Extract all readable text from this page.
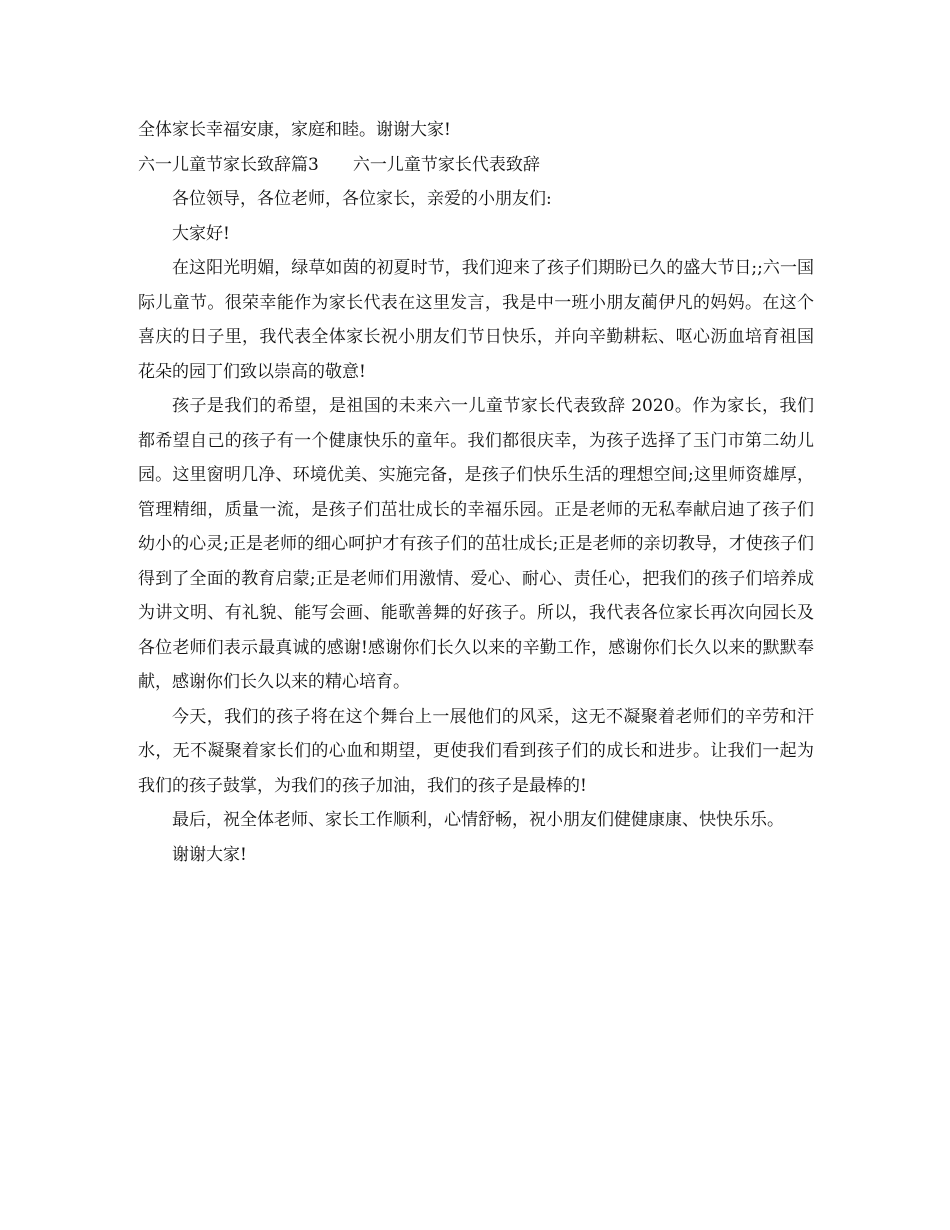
全体家长幸福安康，家庭和睦。谢谢大家!

六一儿童节家长致辞篇3 六一儿童节家长代表致辞

各位领导，各位老师，各位家长，亲爱的小朋友们:

大家好!

在这阳光明媚，绿草如茵的初夏时节，我们迎来了孩子们期盼已久的盛大节日;;六一国际儿童节。很荣幸能作为家长代表在这里发言，我是中一班小朋友蔺伊凡的妈妈。在这个喜庆的日子里，我代表全体家长祝小朋友们节日快乐，并向辛勤耕耘、呕心沥血培育祖国花朵的园丁们致以崇高的敬意!

孩子是我们的希望，是祖国的未来六一儿童节家长代表致辞 2020。作为家长，我们都希望自己的孩子有一个健康快乐的童年。我们都很庆幸，为孩子选择了玉门市第二幼儿园。这里窗明几净、环境优美、实施完备，是孩子们快乐生活的理想空间;这里师资雄厚，管理精细，质量一流，是孩子们茁壮成长的幸福乐园。正是老师的无私奉献启迪了孩子们幼小的心灵;正是老师的细心呵护才有孩子们的茁壮成长;正是老师的亲切教导，才使孩子们得到了全面的教育启蒙;正是老师们用激情、爱心、耐心、责任心，把我们的孩子们培养成为讲文明、有礼貌、能写会画、能歌善舞的好孩子。所以，我代表各位家长再次向园长及各位老师们表示最真诚的感谢!感谢你们长久以来的辛勤工作，感谢你们长久以来的默默奉献，感谢你们长久以来的精心培育。

今天，我们的孩子将在这个舞台上一展他们的风采，这无不凝聚着老师们的辛劳和汗水，无不凝聚着家长们的心血和期望，更使我们看到孩子们的成长和进步。让我们一起为我们的孩子鼓掌，为我们的孩子加油，我们的孩子是最棒的!

最后，祝全体老师、家长工作顺利，心情舒畅，祝小朋友们健健康康、快快乐乐。

谢谢大家!
